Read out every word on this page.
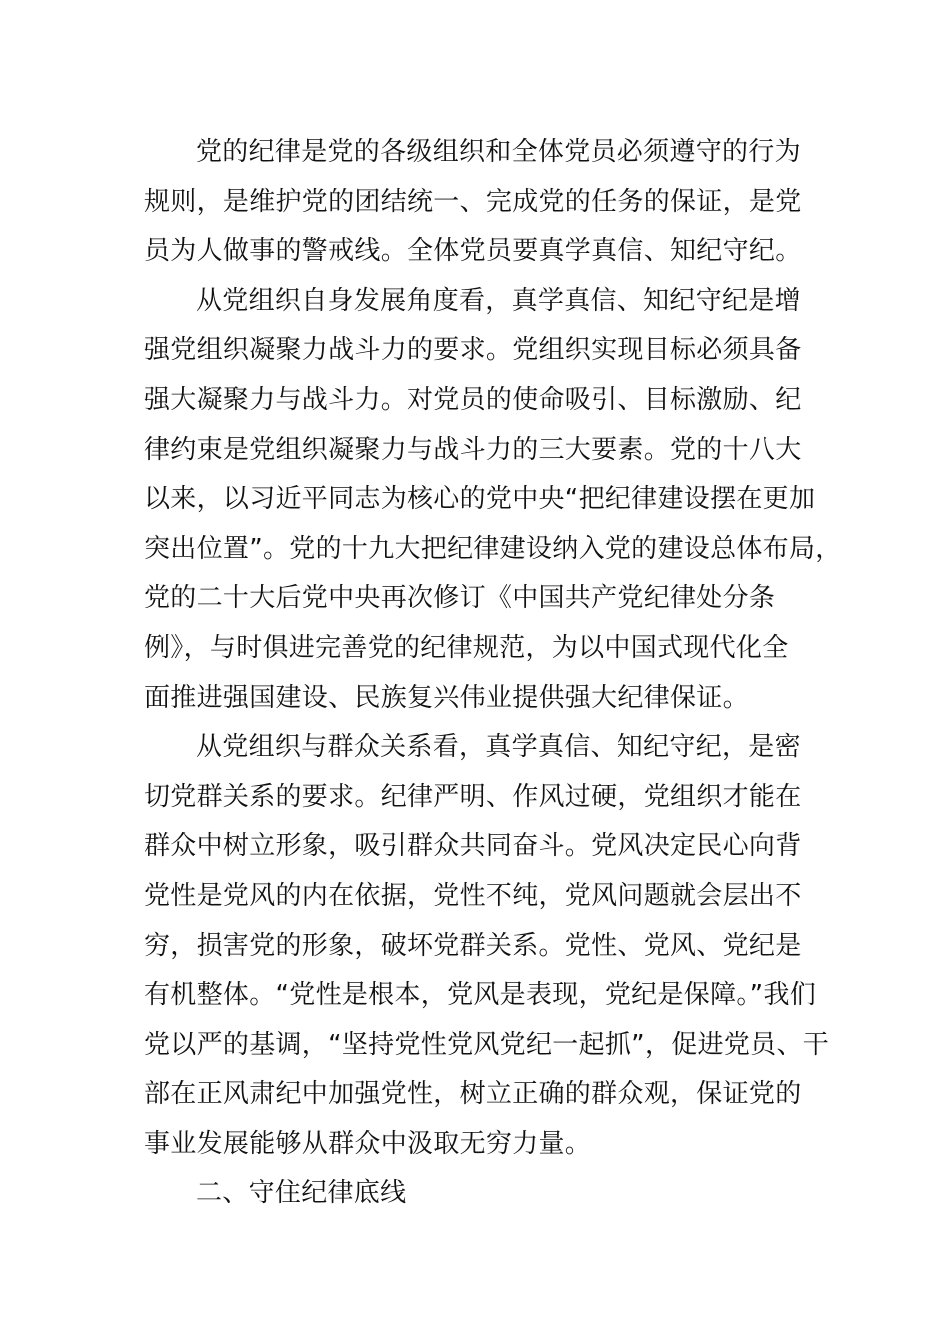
党的纪律是党的各级组织和全体党员必须遵守的行为
规则，是维护党的团结统一、完成党的任务的保证，是党
员为人做事的警戒线。全体党员要真学真信、知纪守纪。
从党组织自身发展角度看，真学真信、知纪守纪是增
强党组织凝聚力战斗力的要求。党组织实现目标必须具备
强大凝聚力与战斗力。对党员的使命吸引、目标激励、纪
律约束是党组织凝聚力与战斗力的三大要素。党的十八大
以来，以习近平同志为核心的党中央“把纪律建设摆在更加
突出位置”。党的十九大把纪律建设纳入党的建设总体布局，
党的二十大后党中央再次修订《中国共产党纪律处分条
例》，与时俱进完善党的纪律规范，为以中国式现代化全
面推进强国建设、民族复兴伟业提供强大纪律保证。
从党组织与群众关系看，真学真信、知纪守纪，是密
切党群关系的要求。纪律严明、作风过硬，党组织才能在
群众中树立形象，吸引群众共同奋斗。党风决定民心向背
党性是党风的内在依据，党性不纯，党风问题就会层出不
穷，损害党的形象，破坏党群关系。党性、党风、党纪是
有机整体。“党性是根本，党风是表现，党纪是保障。”我们
党以严的基调，“坚持党性党风党纪一起抓”，促进党员、干
部在正风肃纪中加强党性，树立正确的群众观，保证党的
事业发展能够从群众中汲取无穷力量。
二、守住纪律底线
